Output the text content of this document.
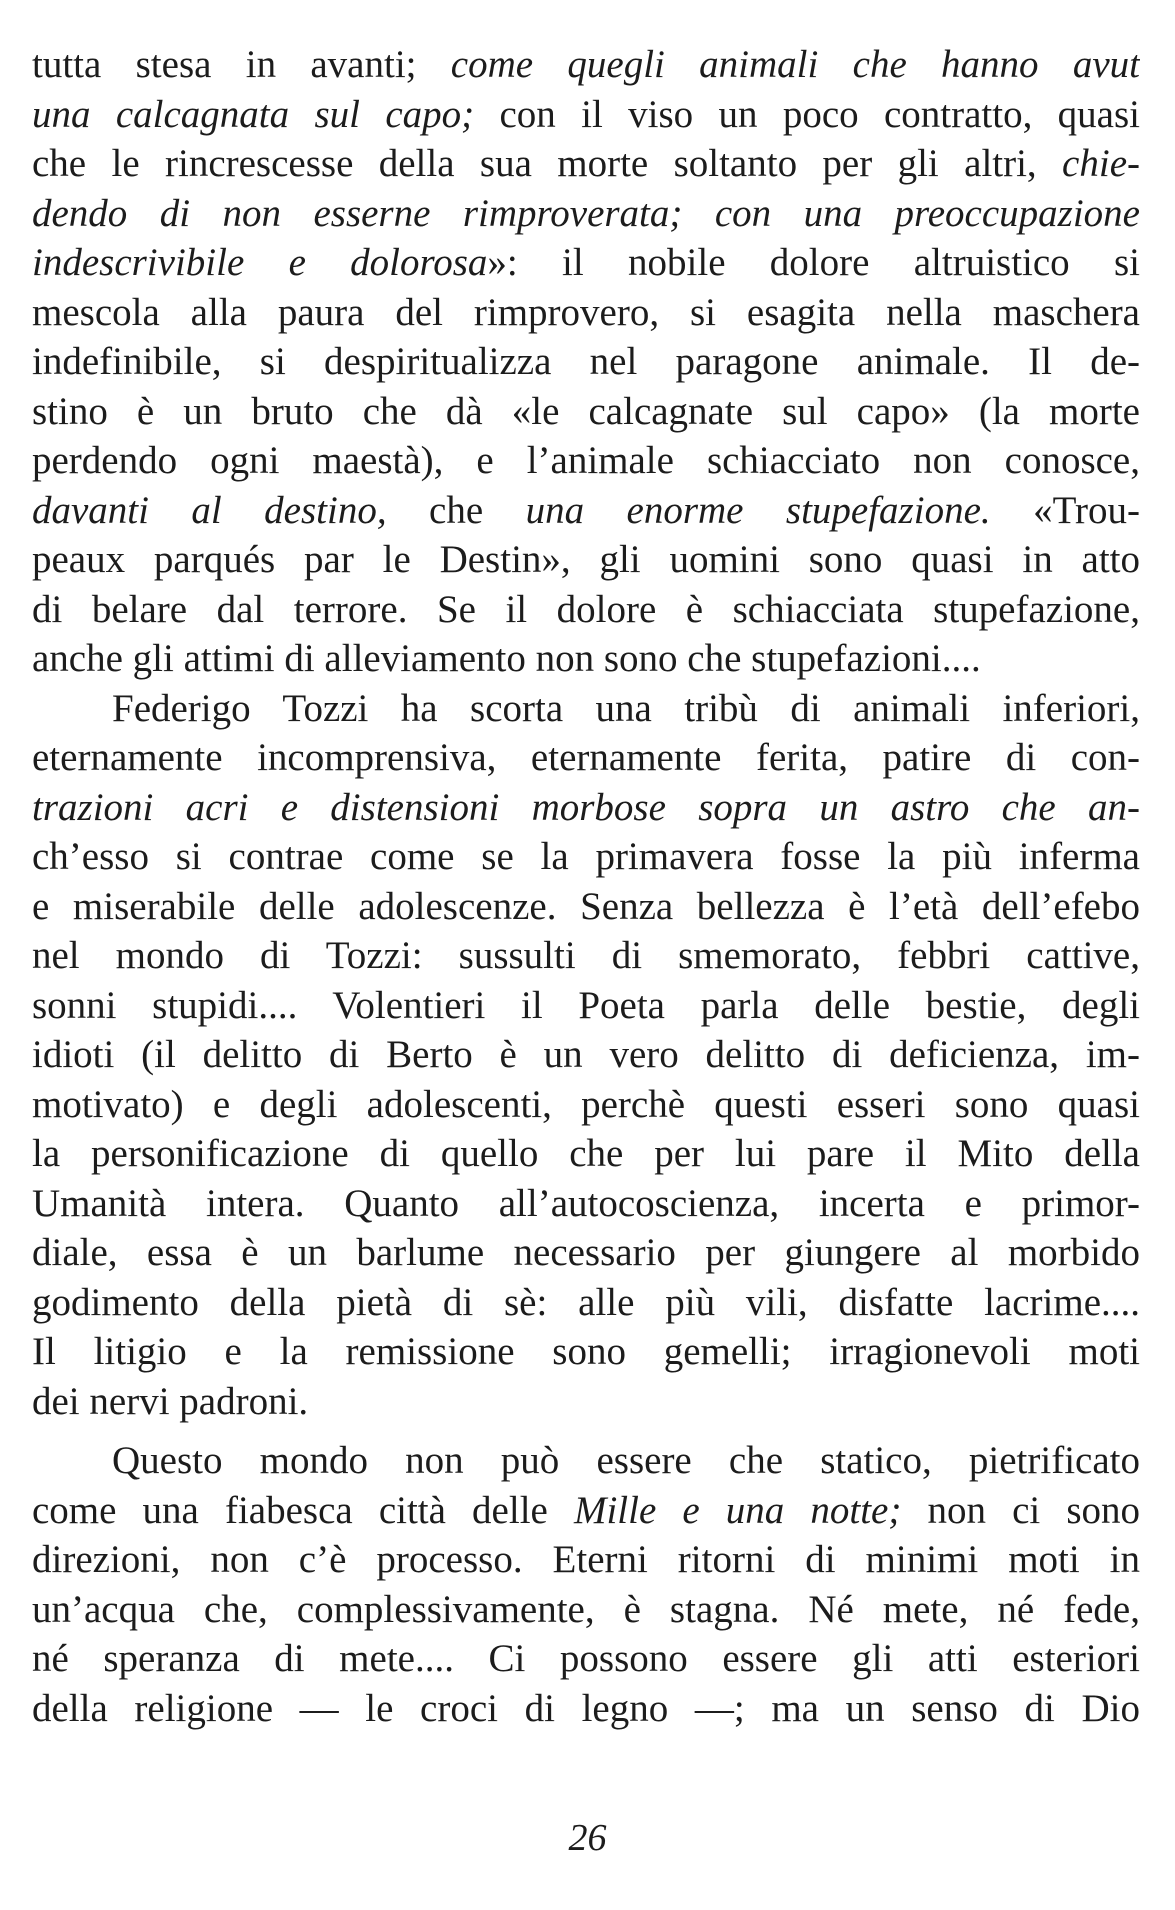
tutta stesa in avanti; come quegli animali che hanno avut
una calcagnata sul capo; con il viso un poco contratto, quasi
che le rincrescesse della sua morte soltanto per gli altri, chie-
dendo di non esserne rimproverata; con una preoccupazione
indescrivibile e dolorosa»: il nobile dolore altruistico si
mescola alla paura del rimprovero, si esagita nella maschera
indefinibile, si despiritualizza nel paragone animale. Il de-
stino è un bruto che dà «le calcagnate sul capo» (la morte
perdendo ogni maestà), e l’animale schiacciato non conosce,
davanti al destino, che una enorme stupefazione. «Trou-
peaux parqués par le Destin», gli uomini sono quasi in atto
di belare dal terrore. Se il dolore è schiacciata stupefazione,
anche gli attimi di alleviamento non sono che stupefazioni....
Federigo Tozzi ha scorta una tribù di animali inferiori,
eternamente incomprensiva, eternamente ferita, patire di con-
trazioni acri e distensioni morbose sopra un astro che an-
ch’esso si contrae come se la primavera fosse la più inferma
e miserabile delle adolescenze. Senza bellezza è l’età dell’efebo
nel mondo di Tozzi: sussulti di smemorato, febbri cattive,
sonni stupidi.... Volentieri il Poeta parla delle bestie, degli
idioti (il delitto di Berto è un vero delitto di deficienza, im-
motivato) e degli adolescenti, perchè questi esseri sono quasi
la personificazione di quello che per lui pare il Mito della
Umanità intera. Quanto all’autocoscienza, incerta e primor-
diale, essa è un barlume necessario per giungere al morbido
godimento della pietà di sè: alle più vili, disfatte lacrime....
Il litigio e la remissione sono gemelli; irragionevoli moti
dei nervi padroni.
Questo mondo non può essere che statico, pietrificato
come una fiabesca città delle Mille e una notte; non ci sono
direzioni, non c’è processo. Eterni ritorni di minimi moti in
un’acqua che, complessivamente, è stagna. Né mete, né fede,
né speranza di mete.... Ci possono essere gli atti esteriori
della religione — le croci di legno —; ma un senso di Dio
26
